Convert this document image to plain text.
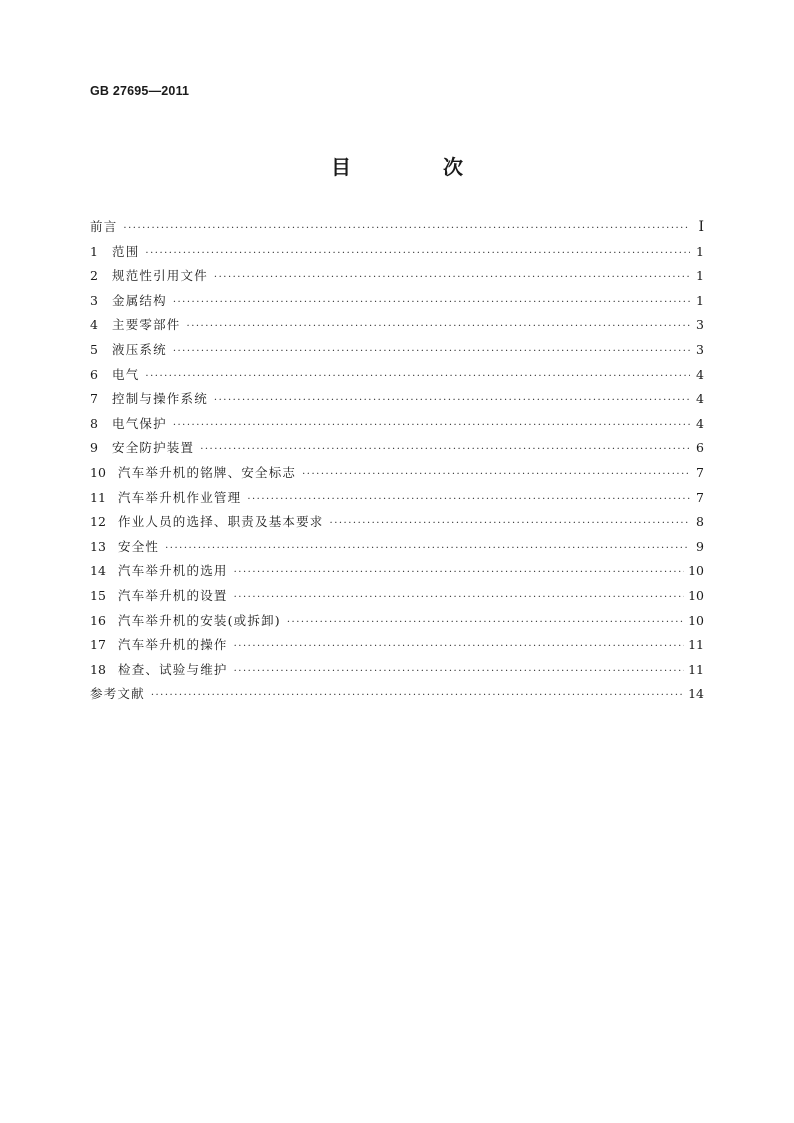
GB 27695—2011
目　次
前言 ·····	Ⅰ
1	范围 ·····	1
2	规范性引用文件 ·····	1
3	金属结构 ·····	1
4	主要零部件 ·····	3
5	液压系统 ·····	3
6	电气 ·····	4
7	控制与操作系统 ·····	4
8	电气保护 ·····	4
9	安全防护装置 ·····	6
10 汽车举升机的铭牌、安全标志 ·····	7
11 汽车举升机作业管理 ·····	7
12 作业人员的选择、职责及基本要求 ·····	8
13 安全性 ·····	9
14 汽车举升机的选用 ·····	10
15 汽车举升机的设置 ·····	10
16 汽车举升机的安装(或拆卸) ·····	10
17 汽车举升机的操作 ·····	11
18 检查、试验与维护 ·····	11
参考文献 ·····	14
